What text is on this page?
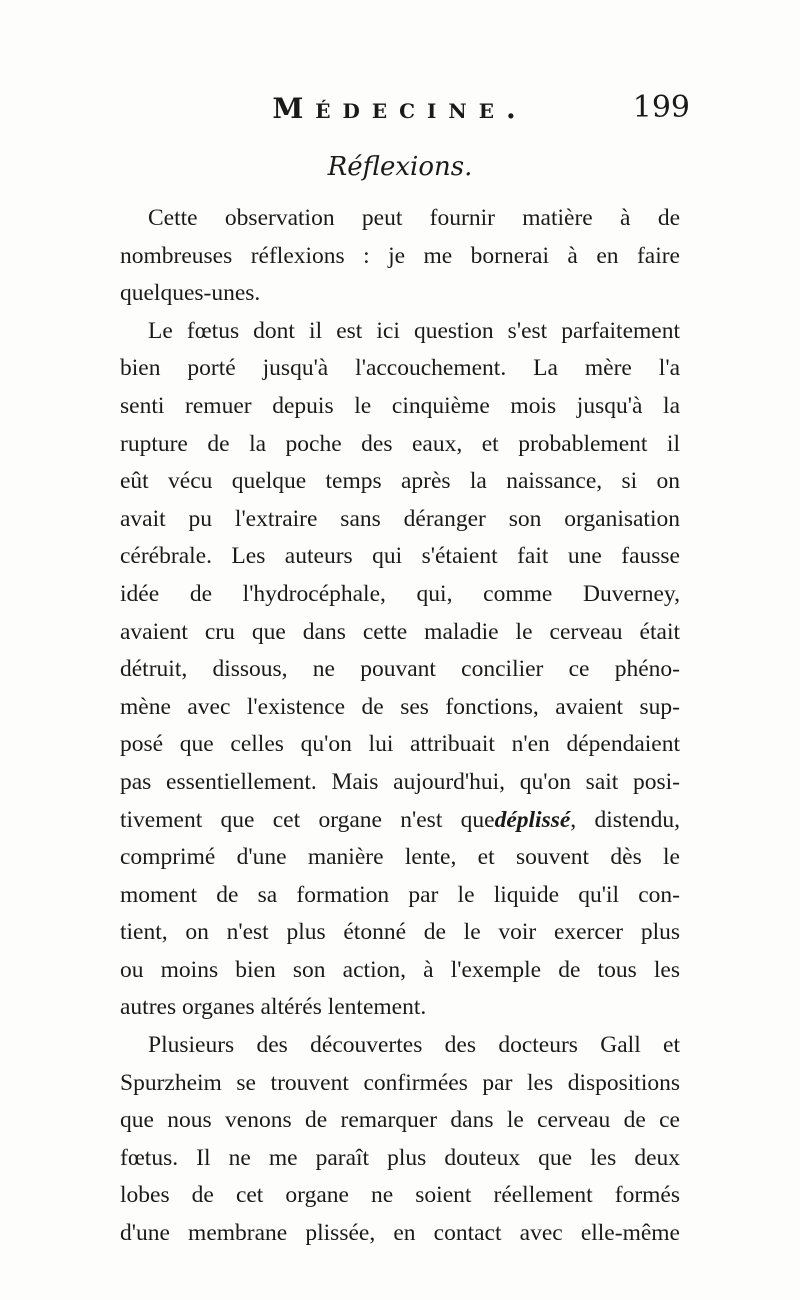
Médecine.	199
Réflexions.
Cette observation peut fournir matière à de
nombreuses réflexions : je me bornerai à en faire
quelques-unes.
Le fœtus dont il est ici question s'est parfaitement
bien porté jusqu'à l'accouchement. La mère l'a
senti remuer depuis le cinquième mois jusqu'à la
rupture de la poche des eaux, et probablement il
eût vécu quelque temps après la naissance, si on
avait pu l'extraire sans déranger son organisation
cérébrale. Les auteurs qui s'étaient fait une fausse
idée de l'hydrocéphale, qui, comme Duverney,
avaient cru que dans cette maladie le cerveau était
détruit, dissous, ne pouvant concilier ce phéno-
mène avec l'existence de ses fonctions, avaient sup-
posé que celles qu'on lui attribuait n'en dépendaient
pas essentiellement. Mais aujourd'hui, qu'on sait posi-
tivement que cet organe n'est quedéplissé, distendu,
comprimé d'une manière lente, et souvent dès le
moment de sa formation par le liquide qu'il con-
tient, on n'est plus étonné de le voir exercer plus
ou moins bien son action, à l'exemple de tous les
autres organes altérés lentement.
Plusieurs des découvertes des docteurs Gall et
Spurzheim se trouvent confirmées par les dispositions
que nous venons de remarquer dans le cerveau de ce
fœtus. Il ne me paraît plus douteux que les deux
lobes de cet organe ne soient réellement formés
d'une membrane plissée, en contact avec elle-même
